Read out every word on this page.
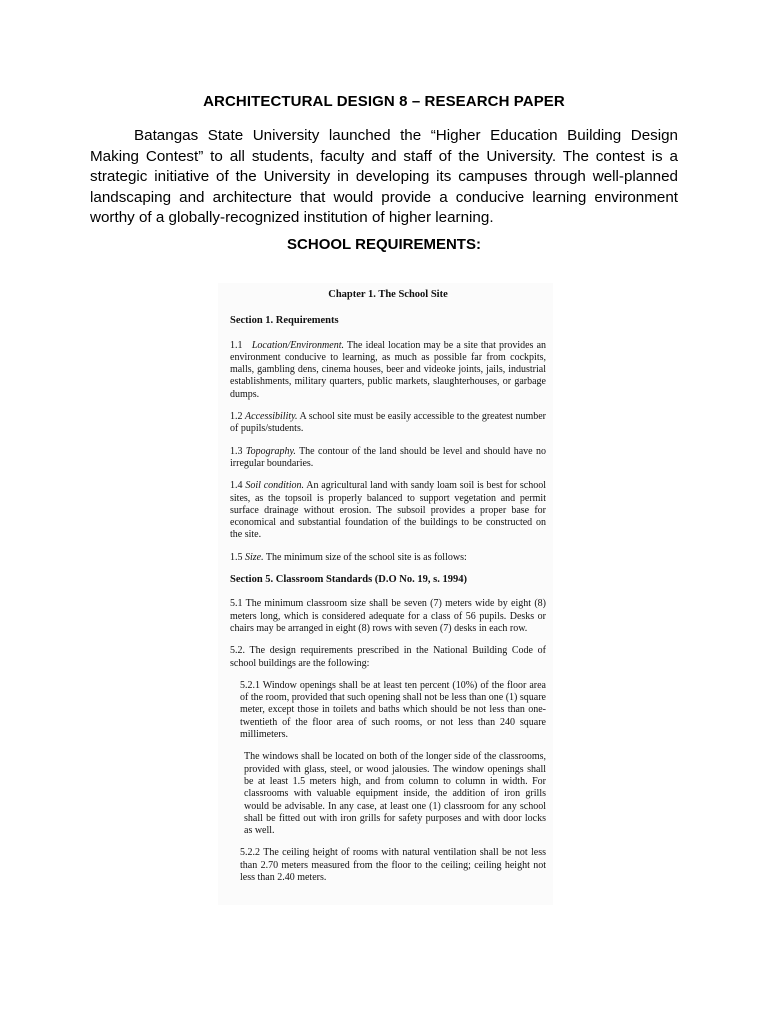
ARCHITECTURAL DESIGN 8 – RESEARCH PAPER

Batangas State University launched the “Higher Education Building Design Making Contest” to all students, faculty and staff of the University. The contest is a strategic initiative of the University in developing its campuses through well-planned landscaping and architecture that would provide a conducive learning environment worthy of a globally-recognized institution of higher learning.

SCHOOL REQUIREMENTS:
Chapter 1. The School Site
Section 1. Requirements

1.1 Location/Environment. The ideal location may be a site that provides an environment conducive to learning, as much as possible far from cockpits, malls, gambling dens, cinema houses, beer and videoke joints, jails, industrial establishments, military quarters, public markets, slaughterhouses, or garbage dumps.

1.2 Accessibility. A school site must be easily accessible to the greatest number of pupils/students.

1.3 Topography. The contour of the land should be level and should have no irregular boundaries.

1.4 Soil condition. An agricultural land with sandy loam soil is best for school sites, as the topsoil is properly balanced to support vegetation and permit surface drainage without erosion. The subsoil provides a proper base for economical and substantial foundation of the buildings to be constructed on the site.

1.5 Size. The minimum size of the school site is as follows:

Section 5. Classroom Standards (D.O No. 19, s. 1994)

5.1 The minimum classroom size shall be seven (7) meters wide by eight (8) meters long, which is considered adequate for a class of 56 pupils. Desks or chairs may be arranged in eight (8) rows with seven (7) desks in each row.

5.2. The design requirements prescribed in the National Building Code of school buildings are the following:

5.2.1 Window openings shall be at least ten percent (10%) of the floor area of the room, provided that such opening shall not be less than one (1) square meter, except those in toilets and baths which should be not less than one-twentieth of the floor area of such rooms, or not less than 240 square millimeters.

The windows shall be located on both of the longer side of the classrooms, provided with glass, steel, or wood jalousies. The window openings shall be at least 1.5 meters high, and from column to column in width. For classrooms with valuable equipment inside, the addition of iron grills would be advisable. In any case, at least one (1) classroom for any school shall be fitted out with iron grills for safety purposes and with door locks as well.

5.2.2 The ceiling height of rooms with natural ventilation shall be not less than 2.70 meters measured from the floor to the ceiling; ceiling height not less than 2.40 meters.
